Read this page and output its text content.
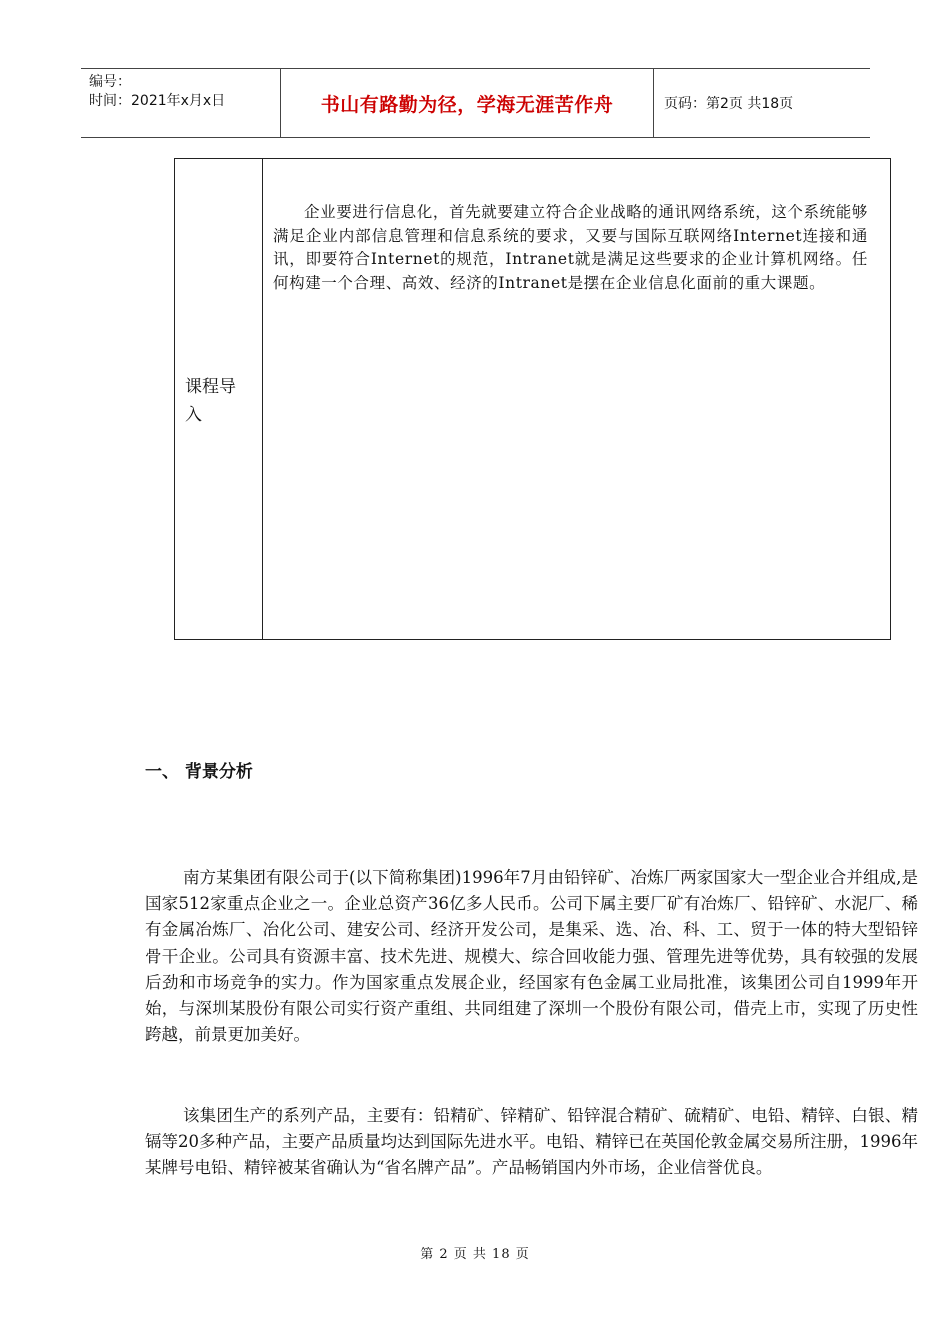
编号：
时间：2021年x月x日	书山有路勤为径，学海无涯苦作舟	页码：第2页 共18页
课程导入
企业要进行信息化，首先就要建立符合企业战略的通讯网络系统，这个系统能够满足企业内部信息管理和信息系统的要求，又要与国际互联网络Internet连接和通讯，即要符合Internet的规范，Intranet就是满足这些要求的企业计算机网络。任何构建一个合理、高效、经济的Intranet是摆在企业信息化面前的重大课题。
一、 背景分析
南方某集团有限公司于(以下简称集团)1996年7月由铅锌矿、冶炼厂两家国家大一型企业合并组成,是国家512家重点企业之一。企业总资产36亿多人民币。公司下属主要厂矿有冶炼厂、铅锌矿、水泥厂、稀有金属冶炼厂、冶化公司、建安公司、经济开发公司，是集采、选、冶、科、工、贸于一体的特大型铅锌骨干企业。公司具有资源丰富、技术先进、规模大、综合回收能力强、管理先进等优势，具有较强的发展后劲和市场竞争的实力。作为国家重点发展企业，经国家有色金属工业局批准，该集团公司自1999年开始，与深圳某股份有限公司实行资产重组、共同组建了深圳一个股份有限公司，借壳上市，实现了历史性跨越，前景更加美好。
该集团生产的系列产品，主要有：铅精矿、锌精矿、铅锌混合精矿、硫精矿、电铅、精锌、白银、精镉等20多种产品，主要产品质量均达到国际先进水平。电铅、精锌已在英国伦敦金属交易所注册，1996年某牌号电铅、精锌被某省确认为“省名牌产品”。产品畅销国内外市场，企业信誉优良。
第 2 页 共 18 页
